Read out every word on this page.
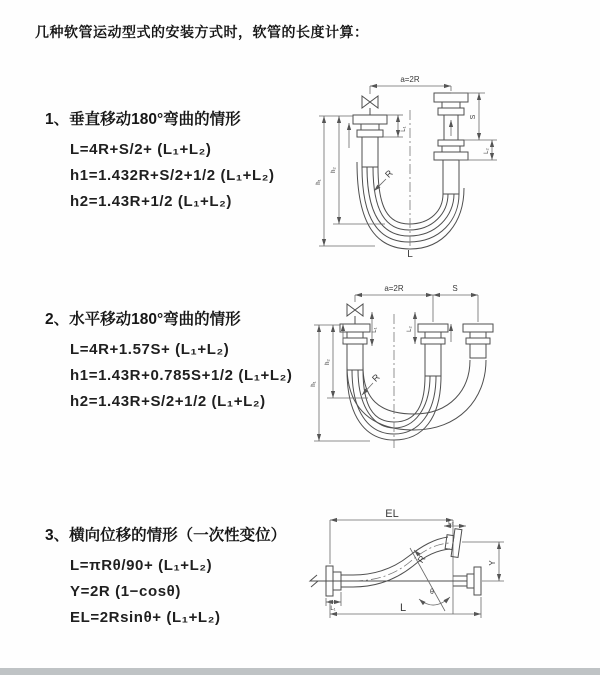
几种软管运动型式的安装方式时，软管的长度计算：
1、垂直移动180°弯曲的情形
L=4R+S/2+ (L₁+L₂)
h1=1.432R+S/2+1/2 (L₁+L₂)
h2=1.43R+1/2 (L₁+L₂)
a=2R
L₁
S
L₂
h₂
h₁
R
L
2、水平移动180°弯曲的情形
L=4R+1.57S+ (L₁+L₂)
h1=1.43R+0.785S+1/2 (L₁+L₂)
h2=1.43R+S/2+1/2 (L₁+L₂)
a=2R	S
L₁	L₂
h₂
h₁
R
3、横向位移的情形（一次性变位）
L=πRθ/90+ (L₁+L₂)
Y=2R (1−cosθ)
EL=2Rsinθ+ (L₁+L₂)
EL
L₂
R
θ
Y
L₁	L
